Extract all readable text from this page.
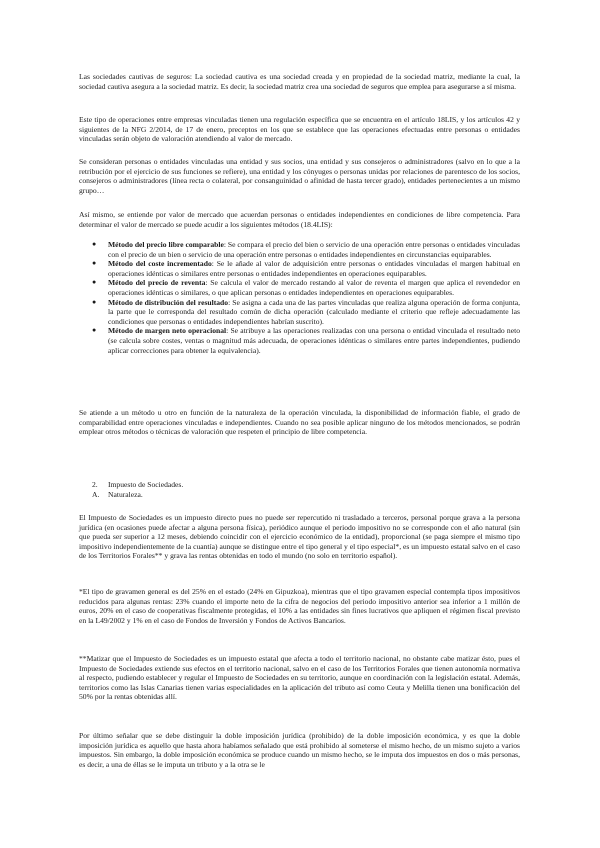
Las sociedades cautivas de seguros: La sociedad cautiva es una sociedad creada y en propiedad de la sociedad matriz, mediante la cual, la sociedad cautiva asegura a la sociedad matriz. Es decir, la sociedad matriz crea una sociedad de seguros que emplea para asegurarse a sí misma.

Este tipo de operaciones entre empresas vinculadas tienen una regulación específica que se encuentra en el artículo 18LIS, y los artículos 42 y siguientes de la NFG 2/2014, de 17 de enero, preceptos en los que se establece que las operaciones efectuadas entre personas o entidades vinculadas serán objeto de valoración atendiendo al valor de mercado.

Se consideran personas o entidades vinculadas una entidad y sus socios, una entidad y sus consejeros o administradores (salvo en lo que a la retribución por el ejercicio de sus funciones se refiere), una entidad y los cónyuges o personas unidas por relaciones de parentesco de los socios, consejeros o administradores (línea recta o colateral, por consanguinidad o afinidad de hasta tercer grado), entidades pertenecientes a un mismo grupo…

Así mismo, se entiende por valor de mercado que acuerdan personas o entidades independientes en condiciones de libre competencia. Para determinar el valor de mercado se puede acudir a los siguientes métodos (18.4LIS):

● Método del precio libre comparable: Se compara el precio del bien o servicio de una operación entre personas o entidades vinculadas con el precio de un bien o servicio de una operación entre personas o entidades independientes en circunstancias equiparables.
● Método del coste incrementado: Se le añade al valor de adquisición entre personas o entidades vinculadas el margen habitual en operaciones idénticas o similares entre personas o entidades independientes en operaciones equiparables.
● Método del precio de reventa: Se calcula el valor de mercado restando al valor de reventa el margen que aplica el revendedor en operaciones idénticas o similares, o que aplican personas o entidades independientes en operaciones equiparables.
● Método de distribución del resultado: Se asigna a cada una de las partes vinculadas que realiza alguna operación de forma conjunta, la parte que le corresponda del resultado común de dicha operación (calculado mediante el criterio que refleje adecuadamente las condiciones que personas o entidades independientes habrían suscrito).
● Método de margen neto operacional: Se atribuye a las operaciones realizadas con una persona o entidad vinculada el resultado neto (se calcula sobre costes, ventas o magnitud más adecuada, de operaciones idénticas o similares entre partes independientes, pudiendo aplicar correcciones para obtener la equivalencia).

Se atiende a un método u otro en función de la naturaleza de la operación vinculada, la disponibilidad de información fiable, el grado de comparabilidad entre operaciones vinculadas e independientes. Cuando no sea posible aplicar ninguno de los métodos mencionados, se podrán emplear otros métodos o técnicas de valoración que respeten el principio de libre competencia.

2. Impuesto de Sociedades.
A. Naturaleza.

El Impuesto de Sociedades es un impuesto directo pues no puede ser repercutido ni trasladado a terceros, personal porque grava a la persona jurídica (en ocasiones puede afectar a alguna persona física), periódico aunque el periodo impositivo no se corresponde con el año natural (sin que pueda ser superior a 12 meses, debiendo coincidir con el ejercicio económico de la entidad), proporcional (se paga siempre el mismo tipo impositivo independientemente de la cuantía) aunque se distingue entre el tipo general y el tipo especial*, es un impuesto estatal salvo en el caso de los Territorios Forales** y grava las rentas obtenidas en todo el mundo (no solo en territorio español).

*El tipo de gravamen general es del 25% en el estado (24% en Gipuzkoa), mientras que el tipo gravamen especial contempla tipos impositivos reducidos para algunas rentas: 23% cuando el importe neto de la cifra de negocios del periodo impositivo anterior sea inferior a 1 millón de euros, 20% en el caso de cooperativas fiscalmente protegidas, el 10% a las entidades sin fines lucrativos que apliquen el régimen fiscal previsto en la L49/2002 y 1% en el caso de Fondos de Inversión y Fondos de Activos Bancarios.

**Matizar que el Impuesto de Sociedades es un impuesto estatal que afecta a todo el territorio nacional, no obstante cabe matizar ésto, pues el Impuesto de Sociedades extiende sus efectos en el territorio nacional, salvo en el caso de los Territorios Forales que tienen autonomía normativa al respecto, pudiendo establecer y regular el Impuesto de Sociedades en su territorio, aunque en coordinación con la legislación estatal. Además, territorios como las Islas Canarias tienen varias especialidades en la aplicación del tributo así como Ceuta y Melilla tienen una bonificación del 50% por la rentas obtenidas allí.

Por último señalar que se debe distinguir la doble imposición jurídica (prohibido) de la doble imposición económica, y es que la doble imposición jurídica es aquello que hasta ahora habíamos señalado que está prohibido al someterse el mismo hecho, de un mismo sujeto a varios impuestos. Sin embargo, la doble imposición económica se produce cuando un mismo hecho, se le imputa dos impuestos en dos o más personas, es decir, a una de éllas se le imputa un tributo y a la otra se le
